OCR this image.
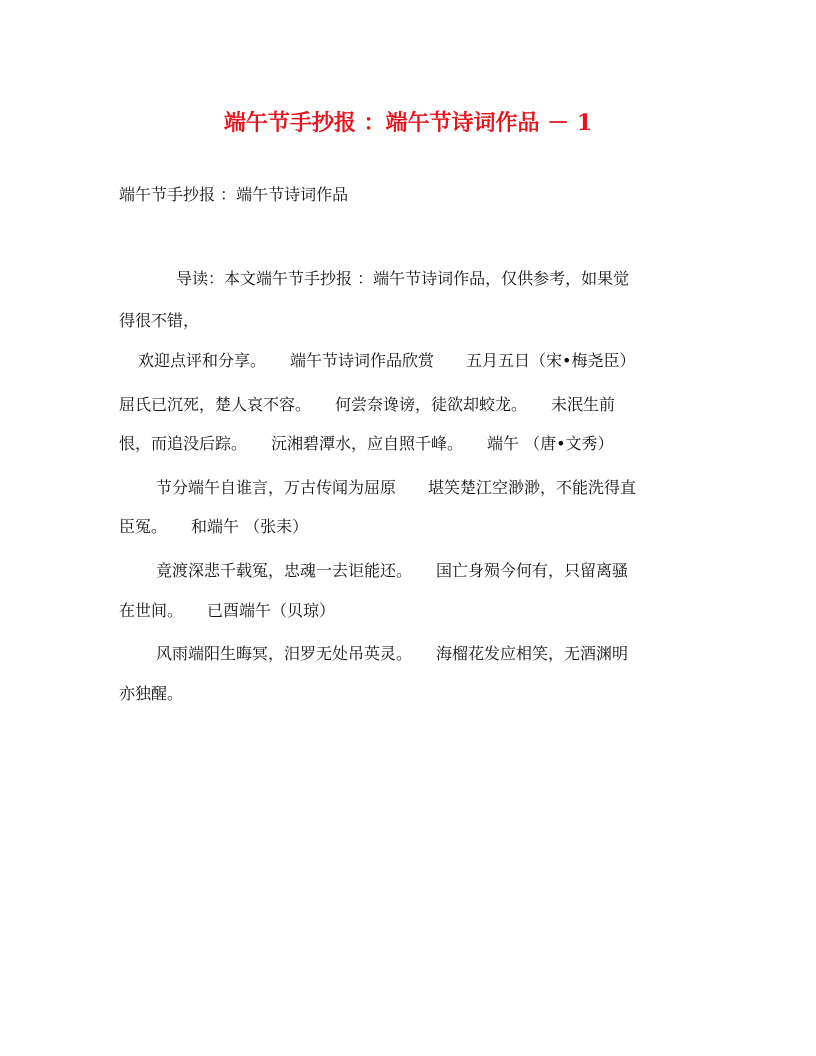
端午节手抄报 ：端午节诗词作品 － 1
端午节手抄报 ：端午节诗词作品
导读：本文端午节手抄报 ：端午节诗词作品，仅供参考，如果觉
得很不错，
欢迎点评和分享。　　端午节诗词作品欣赏　　五月五日（宋•梅尧臣）
屈氏已沉死，楚人哀不容。　　何尝奈谗谤，徒欲却蛟龙。　　未泯生前
恨，而追没后踪。　　沅湘碧潭水，应自照千峰。　　端午 （唐•文秀）
节分端午自谁言，万古传闻为屈原　　堪笑楚江空渺渺，不能洗得直
臣冤。　　和端午 （张耒）
竟渡深悲千载冤，忠魂一去讵能还。　　国亡身殒今何有，只留离骚
在世间。　　已酉端午（贝琼）
风雨端阳生晦冥，汨罗无处吊英灵。　　海榴花发应相笑，无酒渊明
亦独醒。
